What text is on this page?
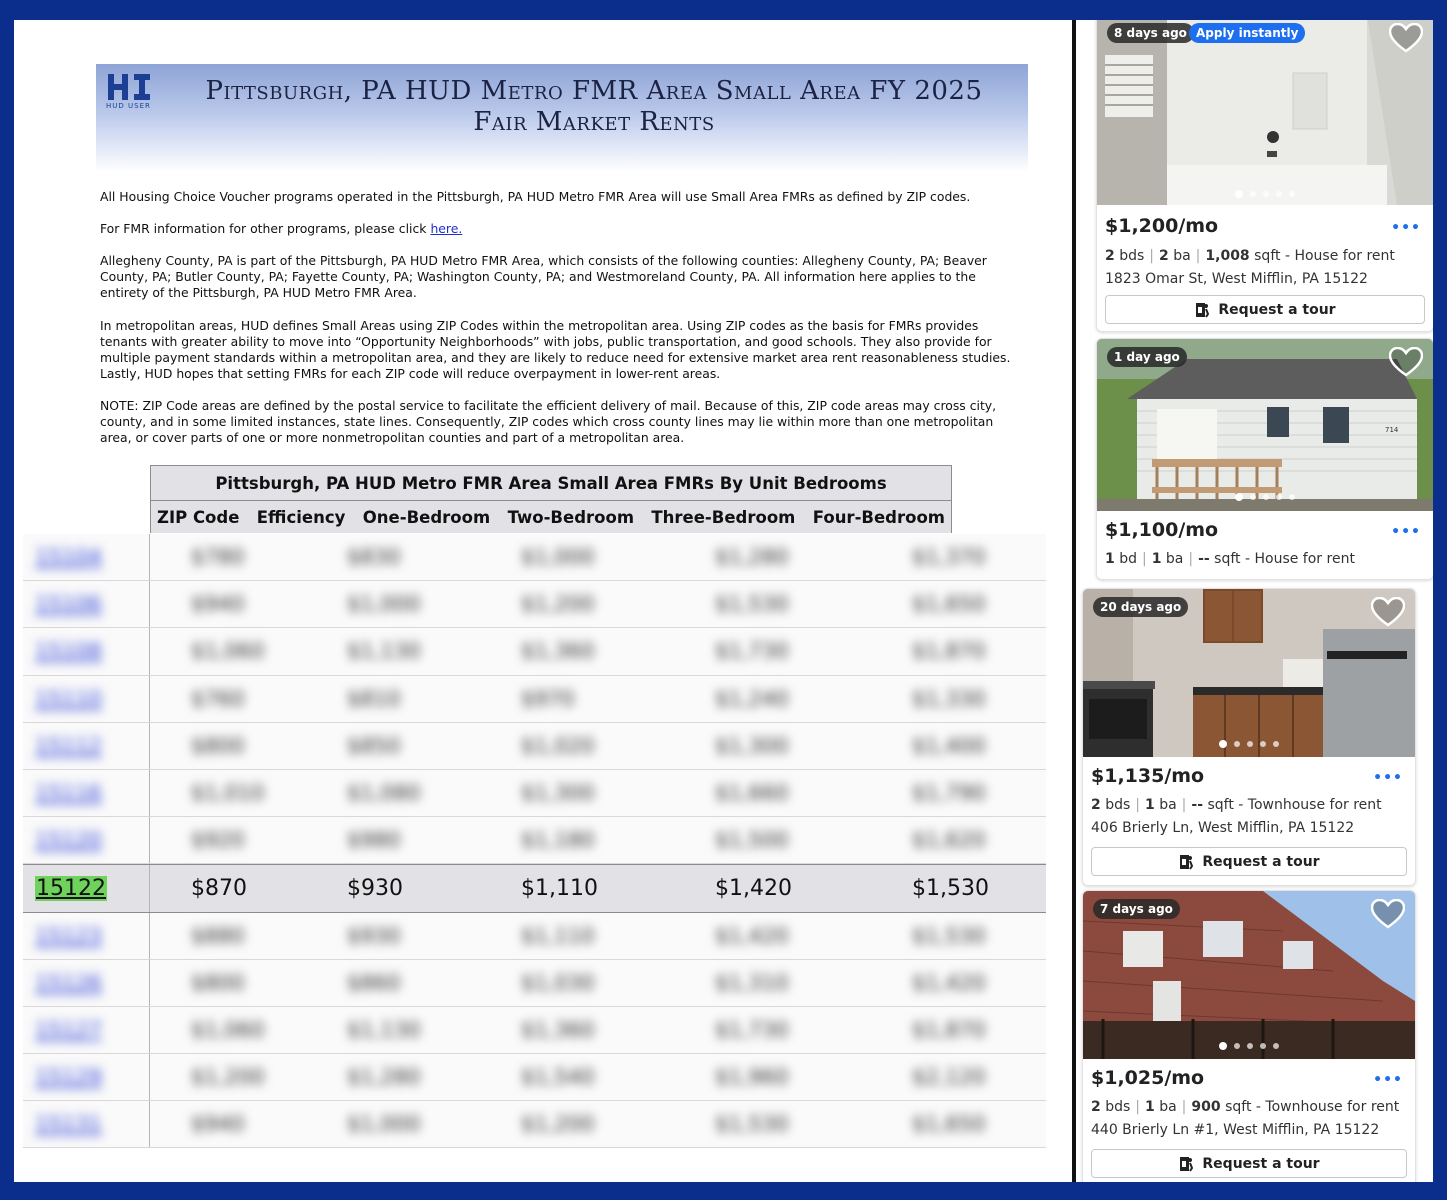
HUD USER	Pittsburgh, PA HUD Metro FMR Area Small Area FY 2025
Fair Market Rents

All Housing Choice Voucher programs operated in the Pittsburgh, PA HUD Metro FMR Area will use Small Area FMRs as defined by ZIP codes.

For FMR information for other programs, please click here.

Allegheny County, PA is part of the Pittsburgh, PA HUD Metro FMR Area, which consists of the following counties: Allegheny County, PA; Beaver County, PA; Butler County, PA; Fayette County, PA; Washington County, PA; and Westmoreland County, PA. All information here applies to the entirety of the Pittsburgh, PA HUD Metro FMR Area.

In metropolitan areas, HUD defines Small Areas using ZIP Codes within the metropolitan area. Using ZIP codes as the basis for FMRs provides tenants with greater ability to move into “Opportunity Neighborhoods” with jobs, public transportation, and good schools. They also provide for multiple payment standards within a metropolitan area, and they are likely to reduce need for extensive market area rent reasonableness studies. Lastly, HUD hopes that setting FMRs for each ZIP code will reduce overpayment in lower-rent areas.

NOTE: ZIP Code areas are defined by the postal service to facilitate the efficient delivery of mail. Because of this, ZIP code areas may cross city, county, and in some limited instances, state lines. Consequently, ZIP codes which cross county lines may lie within more than one metropolitan area, or cover parts of one or more nonmetropolitan counties and part of a metropolitan area.

Pittsburgh, PA HUD Metro FMR Area Small Area FMRs By Unit Bedrooms
ZIP Code Efficiency One-Bedroom Two-Bedroom Three-Bedroom Four-Bedroom
15104	$780	$830	$1,000	$1,280	$1,370
15106	$940	$1,000	$1,200	$1,530	$1,650
15108	$1,060	$1,130	$1,360	$1,730	$1,870
15110	$760	$810	$970	$1,240	$1,330
15112	$800	$850	$1,020	$1,300	$1,400
15116	$1,010	$1,080	$1,300	$1,660	$1,790
15120	$920	$980	$1,180	$1,500	$1,620
15122	$870	$930	$1,110	$1,420	$1,530
15123	$880	$930	$1,110	$1,420	$1,530
15126	$800	$860	$1,030	$1,310	$1,420
15127	$1,060	$1,130	$1,360	$1,730	$1,870
15129	$1,200	$1,280	$1,540	$1,960	$2,120
15131	$940	$1,000	$1,200	$1,530	$1,650
8 days ago Apply instantly
$1,200/mo	•••
2 bds | 2 ba | 1,008 sqft - House for rent
1823 Omar St, West Mifflin, PA 15122
Request a tour
714
1 day ago
$1,100/mo	•••
1 bd | 1 ba | -- sqft - House for rent
20 days ago
$1,135/mo	•••
2 bds | 1 ba | -- sqft - Townhouse for rent
406 Brierly Ln, West Mifflin, PA 15122
Request a tour
7 days ago
$1,025/mo	•••
2 bds | 1 ba | 900 sqft - Townhouse for rent
440 Brierly Ln #1, West Mifflin, PA 15122
Request a tour
